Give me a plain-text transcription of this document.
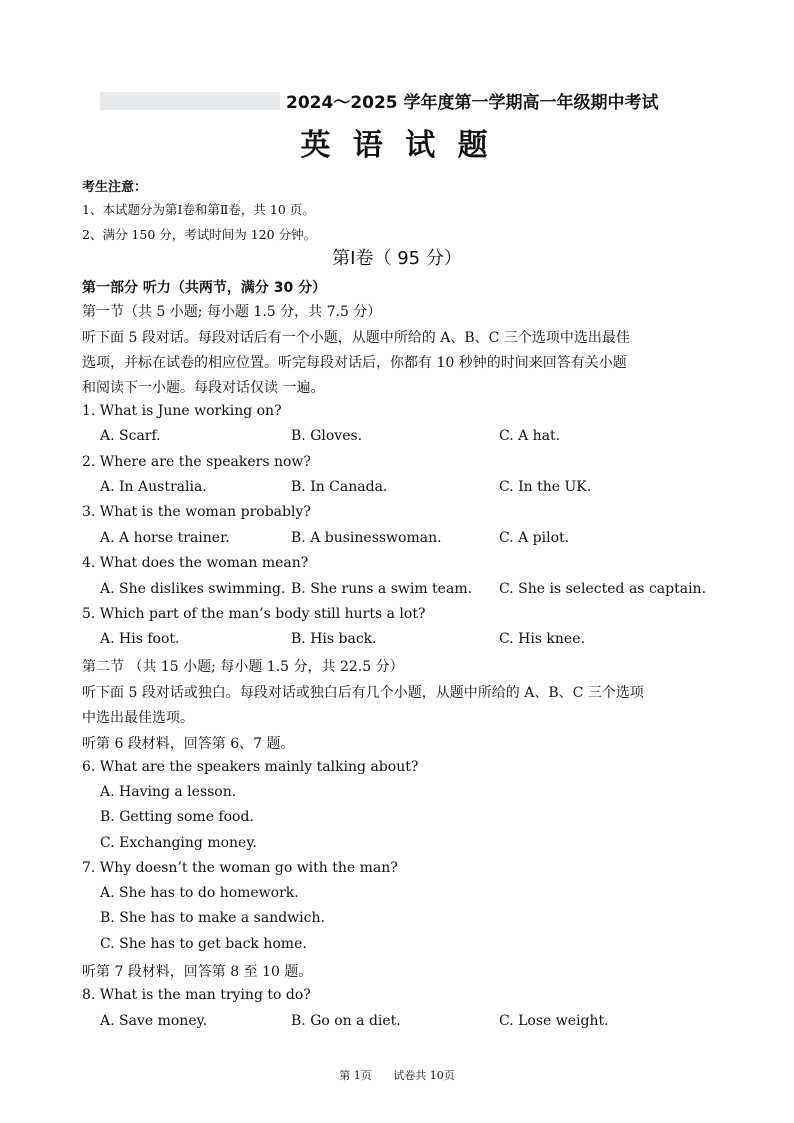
2024～2025 学年度第一学期高一年级期中考试
英 语 试 题
考生注意：
1、本试题分为第Ⅰ卷和第Ⅱ卷，共 10 页。
2、满分 150 分，考试时间为 120 分钟。
第Ⅰ卷（ 95 分）
第一部分 听力（共两节，满分 30 分）
第一节（共 5 小题; 每小题 1.5 分，共 7.5 分）
听下面 5 段对话。每段对话后有一个小题，从题中所给的 A、B、C 三个选项中选出最佳
选项，并标在试卷的相应位置。听完每段对话后，你都有 10 秒钟的时间来回答有关小题
和阅读下一小题。每段对话仅读 一遍。
1. What is June working on?
A. Scarf.	B. Gloves.	C. A hat.
2. Where are the speakers now?
A. In Australia.	B. In Canada.	C. In the UK.
3. What is the woman probably?
A. A horse trainer.	B. A businesswoman.	C. A pilot.
4. What does the woman mean?
A. She dislikes swimming. B. She runs a swim team. C. She is selected as captain.
5. Which part of the man’s body still hurts a lot?
A. His foot.	B. His back.	C. His knee.
第二节 （共 15 小题; 每小题 1.5 分，共 22.5 分）
听下面 5 段对话或独白。每段对话或独白后有几个小题，从题中所给的 A、B、C 三个选项
中选出最佳选项。
听第 6 段材料，回答第 6、7 题。
6. What are the speakers mainly talking about?
A. Having a lesson.
B. Getting some food.
C. Exchanging money.
7. Why doesn’t the woman go with the man?
A. She has to do homework.
B. She has to make a sandwich.
C. She has to get back home.
听第 7 段材料，回答第 8 至 10 题。
8. What is the man trying to do?
A. Save money.	B. Go on a diet.	C. Lose weight.
第 1页 试卷共 10页
